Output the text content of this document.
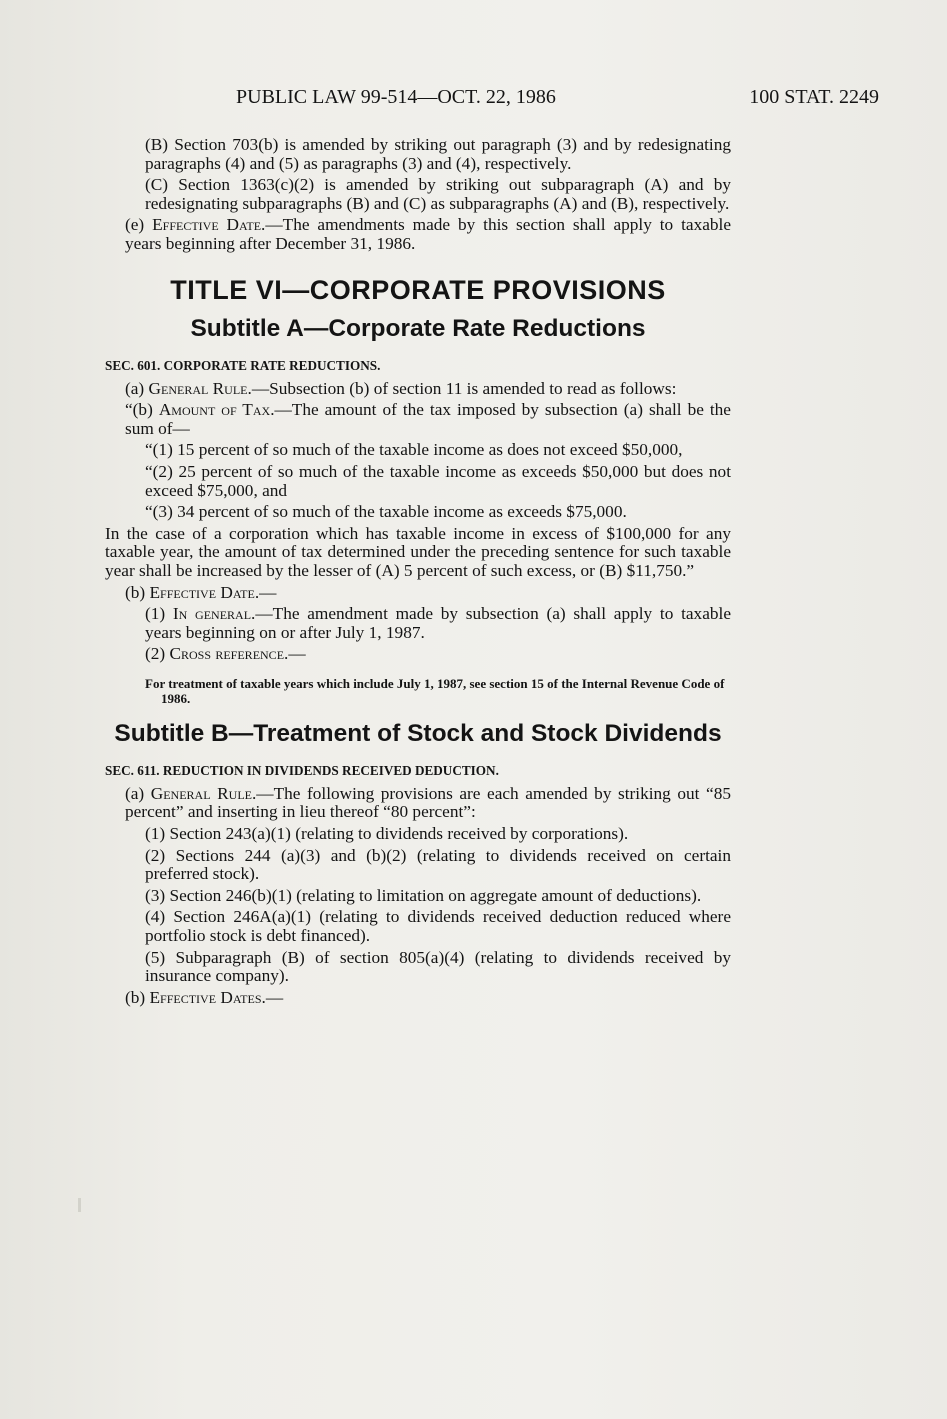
PUBLIC LAW 99-514—OCT. 22, 1986	100 STAT. 2249

(B) Section 703(b) is amended by striking out paragraph (3) and by redesignating paragraphs (4) and (5) as paragraphs (3) and (4), respectively.

(C) Section 1363(c)(2) is amended by striking out subparagraph (A) and by redesignating subparagraphs (B) and (C) as subparagraphs (A) and (B), respectively.

(e) Effective Date.—The amendments made by this section shall apply to taxable years beginning after December 31, 1986.

TITLE VI—CORPORATE PROVISIONS
Subtitle A—Corporate Rate Reductions
SEC. 601. CORPORATE RATE REDUCTIONS.

(a) General Rule.—Subsection (b) of section 11 is amended to read as follows:

“(b) Amount of Tax.—The amount of the tax imposed by subsection (a) shall be the sum of—

“(1) 15 percent of so much of the taxable income as does not exceed $50,000,

“(2) 25 percent of so much of the taxable income as exceeds $50,000 but does not exceed $75,000, and

“(3) 34 percent of so much of the taxable income as exceeds $75,000.

In the case of a corporation which has taxable income in excess of $100,000 for any taxable year, the amount of tax determined under the preceding sentence for such taxable year shall be increased by the lesser of (A) 5 percent of such excess, or (B) $11,750.”

(b) Effective Date.—

(1) In general.—The amendment made by subsection (a) shall apply to taxable years beginning on or after July 1, 1987.

(2) Cross reference.—

For treatment of taxable years which include July 1, 1987, see section 15 of the Internal Revenue Code of 1986.
Subtitle B—Treatment of Stock and Stock Dividends
SEC. 611. REDUCTION IN DIVIDENDS RECEIVED DEDUCTION.

(a) General Rule.—The following provisions are each amended by striking out “85 percent” and inserting in lieu thereof “80 percent”:

(1) Section 243(a)(1) (relating to dividends received by corporations).

(2) Sections 244 (a)(3) and (b)(2) (relating to dividends received on certain preferred stock).

(3) Section 246(b)(1) (relating to limitation on aggregate amount of deductions).

(4) Section 246A(a)(1) (relating to dividends received deduction reduced where portfolio stock is debt financed).

(5) Subparagraph (B) of section 805(a)(4) (relating to dividends received by insurance company).

(b) Effective Dates.—
